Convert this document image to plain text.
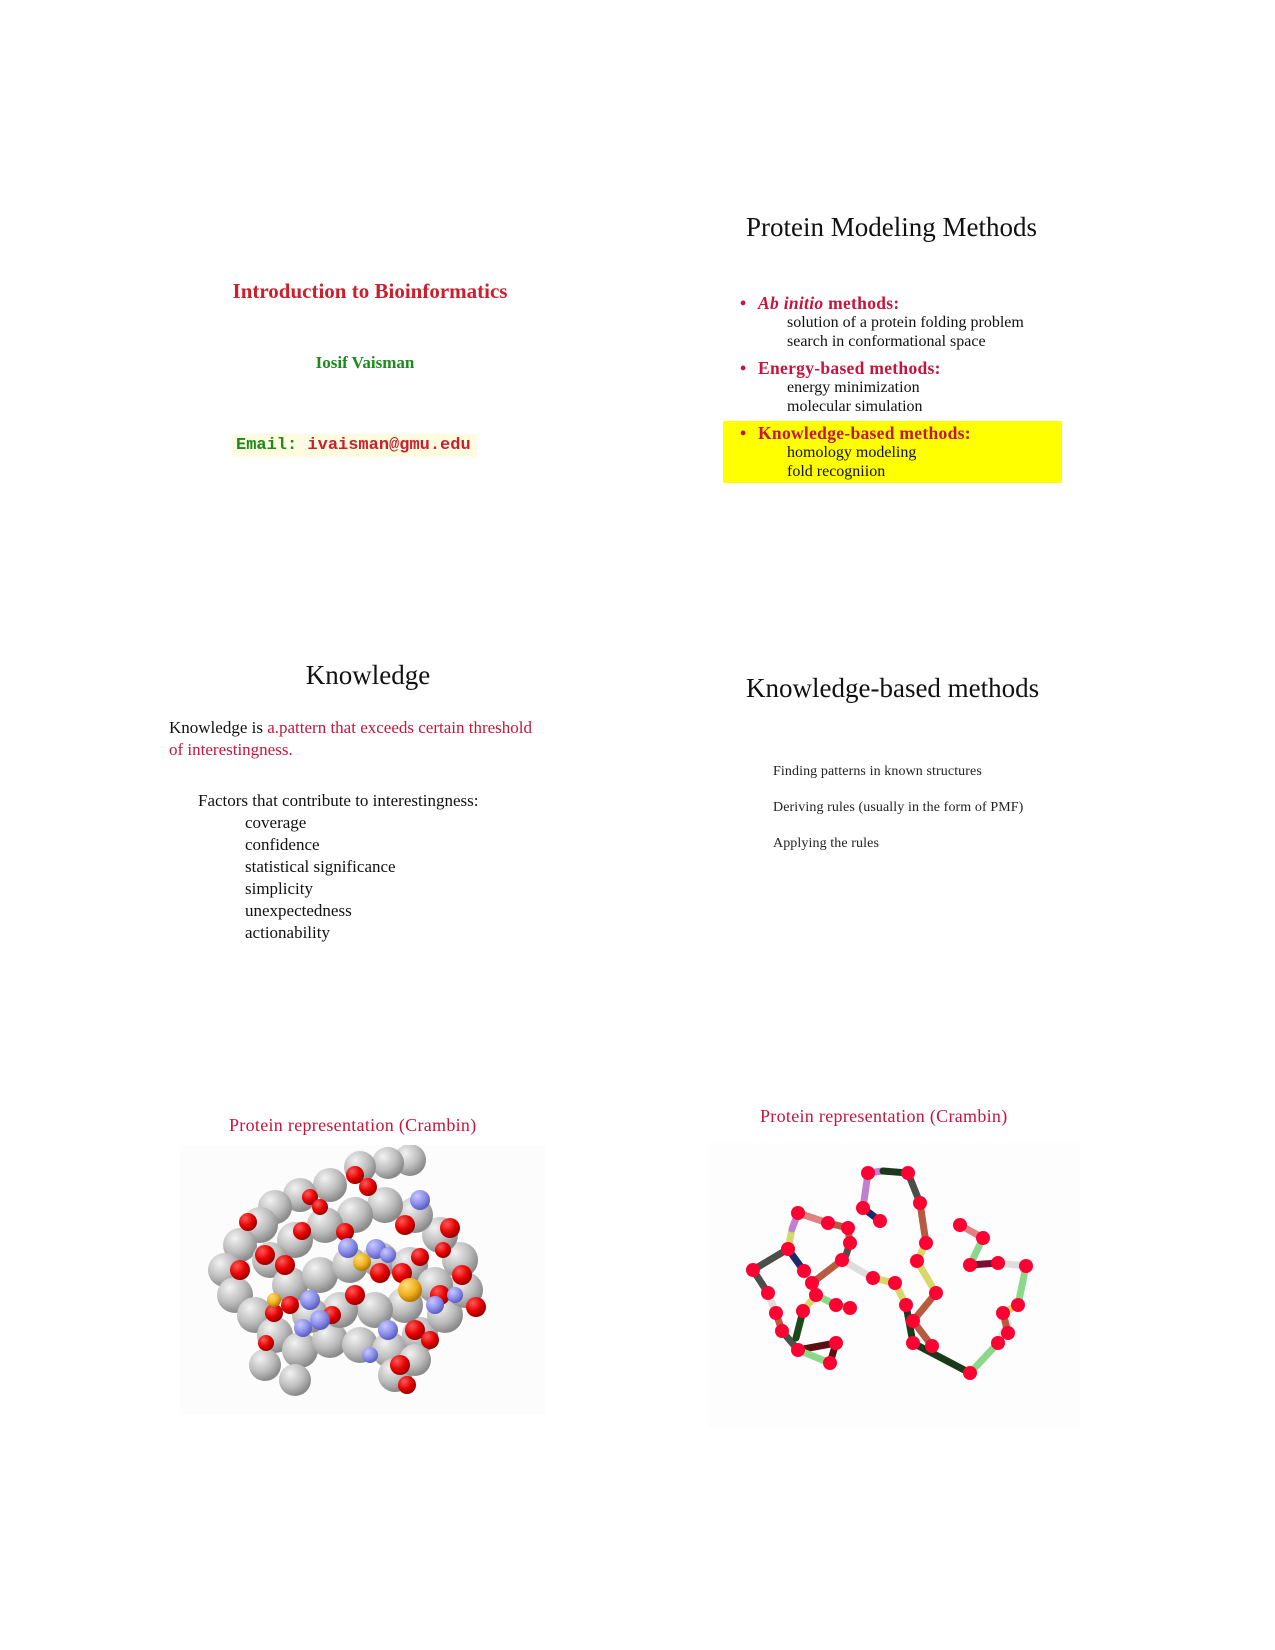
Introduction to Bioinformatics
Iosif Vaisman
Email: ivaisman@gmu.edu
Protein Modeling Methods
• Ab initio methods:
solution of a protein folding problem
search in conformational space
• Energy-based methods:
energy minimization
molecular simulation
• Knowledge-based methods:
homology modeling
fold recogniion
Knowledge
Knowledge is a.pattern that exceeds certain threshold
of interestingness.
Factors that contribute to interestingness:
coverage
confidence
statistical significance
simplicity
unexpectedness
actionability
Knowledge-based methods
Finding patterns in known structures
Deriving rules (usually in the form of PMF)
Applying the rules
Protein representation (Crambin)	Protein representation (Crambin)
